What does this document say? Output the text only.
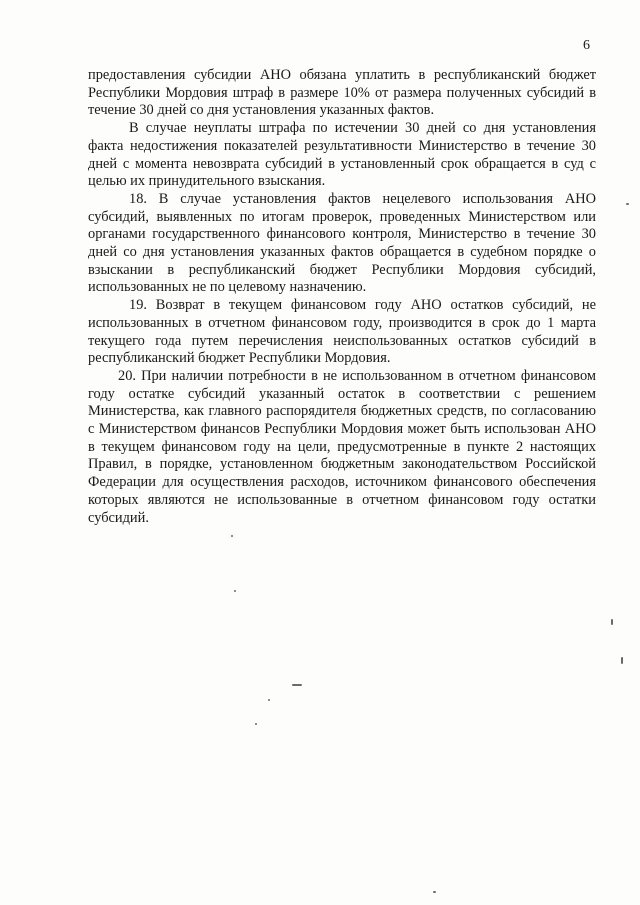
6

предоставления субсидии АНО обязана уплатить в республиканский бюджет Республики Мордовия штраф в размере 10% от размера полученных субсидий в течение 30 дней со дня установления указанных фактов.

В случае неуплаты штрафа по истечении 30 дней со дня установления факта недостижения показателей результативности Министерство в течение 30 дней с момента невозврата субсидий в установленный срок обращается в суд с целью их принудительного взыскания.

18. В случае установления фактов нецелевого использования АНО субсидий, выявленных по итогам проверок, проведенных Министерством или органами государственного финансового контроля, Министерство в течение 30 дней со дня установления указанных фактов обращается в судебном порядке о взыскании в республиканский бюджет Республики Мордовия субсидий, использованных не по целевому назначению.

19. Возврат в текущем финансовом году АНО остатков субсидий, не использованных в отчетном финансовом году, производится в срок до 1 марта текущего года путем перечисления неиспользованных остатков субсидий в республиканский бюджет Республики Мордовия.

20. При наличии потребности в не использованном в отчетном финансовом году остатке субсидий указанный остаток в соответствии с решением Министерства, как главного распорядителя бюджетных средств, по согласованию с Министерством финансов Республики Мордовия может быть использован АНО в текущем финансовом году на цели, предусмотренные в пункте 2 настоящих Правил, в порядке, установленном бюджетным законодательством Российской Федерации для осуществления расходов, источником финансового обеспечения которых являются не использованные в отчетном финансовом году остатки субсидий.
